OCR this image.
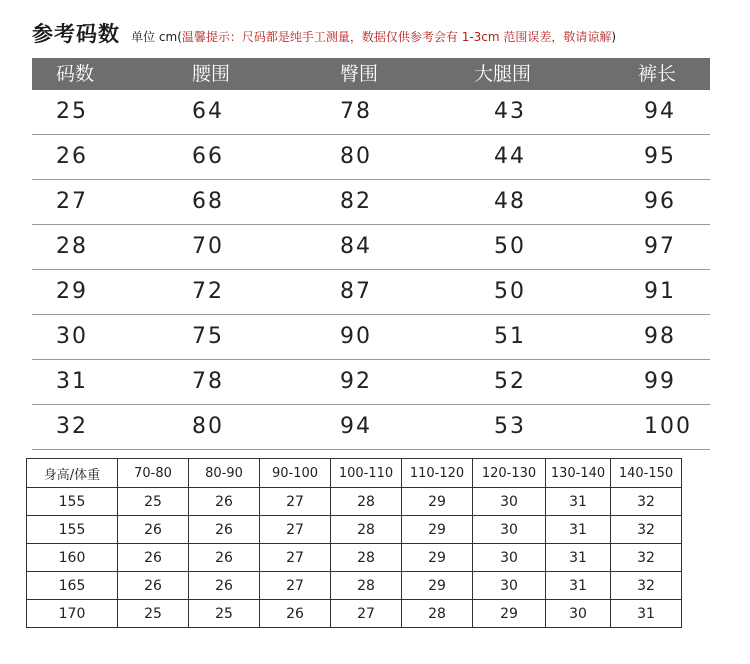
参考码数 单位 cm(温馨提示：尺码都是纯手工测量，数据仅供参考会有 1-3cm 范围误差，敬请谅解)
码数	腰围	臀围	大腿围	裤长
25	64	78	43	94
26	66	80	44	95
27	68	82	48	96
28	70	84	50	97
29	72	87	50	91
30	75	90	51	98
31	78	92	52	99
32	80	94	53	100
身高/体重	70-80	80-90	90-100	100-110	110-120	120-130	130-140	140-150
155	25	26	27	28	29	30	31	32
155	26	26	27	28	29	30	31	32
160	26	26	27	28	29	30	31	32
165	26	26	27	28	29	30	31	32
170	25	25	26	27	28	29	30	31
